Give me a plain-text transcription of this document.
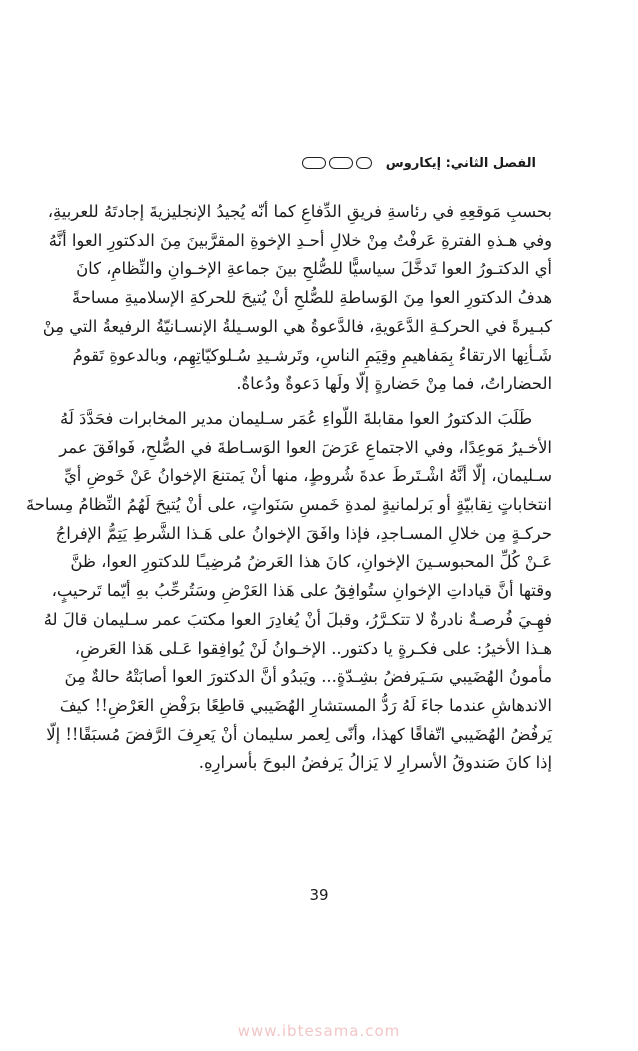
الفصل الثاني: إيكاروس
بحسبِ مَوقعِهِ في رئاسةِ فريقِ الدِّفاعِ كما أنّه يُجيدُ الإنجليزيةَ إجادتَهُ للعربيةِ،
وفي هـذهِ الفترةِ عَرفْتُ مِنْ خلالِ أحـدِ الإخوةِ المقرَّبينَ مِنَ الدكتورِ العوا أنَّهُ
أي الدكتـورُ العوا تَدخَّلَ سياسيًّا للصُّلحِ بينَ جماعةِ الإخـوانِ والنِّظامِ، كانَ
هدفُ الدكتورِ العوا مِنَ الوَساطةِ للصُّلحِ أنْ يُتيحَ للحركةِ الإسلاميةِ مساحةً
كبـيرةً في الحركـةِ الدَّعَويةِ، فالدَّعوةُ هي الوسـيلةُ الإنسـانيّةُ الرفيعةُ التي مِنْ
شَـأنِها الارتقاءُ بِمَفاهيمِ وقِيَمِ الناسِ، وتَرشـيدِ سُـلوكيّاتِهِم، وبالدعوةِ تَقومُ
الحضاراتُ، فما مِنْ حَضارةٍ إلّا ولَها دَعوةٌ ودُعاةٌ.
طَلَبَ الدكتورُ العوا مقابلةَ اللّواءِ عُمَر سـليمان مدير المخابرات فحَدَّدَ لَهُ
الأخـيرُ مَوعِدًا، وفي الاجتماعِ عَرَضَ العوا الوَسـاطةَ في الصُّلحِ، فَوافَقَ عمر
سـليمان، إلّا أنَّهُ اشْـتَرطَ عدةَ شُروطٍ، منها أنْ يَمتنعَ الإخوانُ عَنْ خَوضِ أيِّ
انتخاباتٍ نِقابيّةٍ أو بَرلمانيةٍ لمدةِ خَمسِ سَنَواتٍ، على أنْ يُتيحَ لَهُمُ النِّظامُ مِساحةَ
حركـةٍ مِن خلالِ المسـاجدِ، فإذا وافَقَ الإخوانُ على هَـذا الشَّرطِ يَتِمُّ الإفراجُ
عَـنْ كُلِّ المحبوسـينَ الإخوانِ، كانَ هذا العَرضُ مُرضِيـًا للدكتورِ العوا، ظنَّ
وقتها أنَّ قياداتِ الإخوانِ ستُوافِقُ على هَذا العَرْضِ وسَتُرحِّبُ بهِ أيّما تَرحيبٍ،
فهِـيَ فُرصـةٌ نادرةٌ لا تتكـرَّرُ، وقبلَ أنْ يُغادِرَ العوا مكتبَ عمر سـليمان قالَ لهُ
هـذا الأخيرُ: على فكـرةٍ يا دكتور.. الإخـوانُ لَنْ يُوافِقوا عَـلى هَذا العَرضِ،
مأمونُ الهُضَيبي سَـيَرفضُ بشِـدّةٍ... ويَبدُو أنَّ الدكتورَ العوا أصابَتْهُ حالةٌ مِنَ
الاندهاشِ عندما جاءَ لَهُ رَدُّ المستشارِ الهُضَيبي قاطِعًا برَفْضِ العَرْضِ!! كيفَ
يَرفُضُ الهُضَيبي اتّفاقًا كهذا، وأنّى لِعمر سليمان أنْ يَعرِفَ الرَّفضَ مُسبَقًا!! إلّا
إذا كانَ صَندوقُ الأسرارِ لا يَزالُ يَرفضُ البوحَ بأسرارِهِ.
39
www.ibtesama.com
